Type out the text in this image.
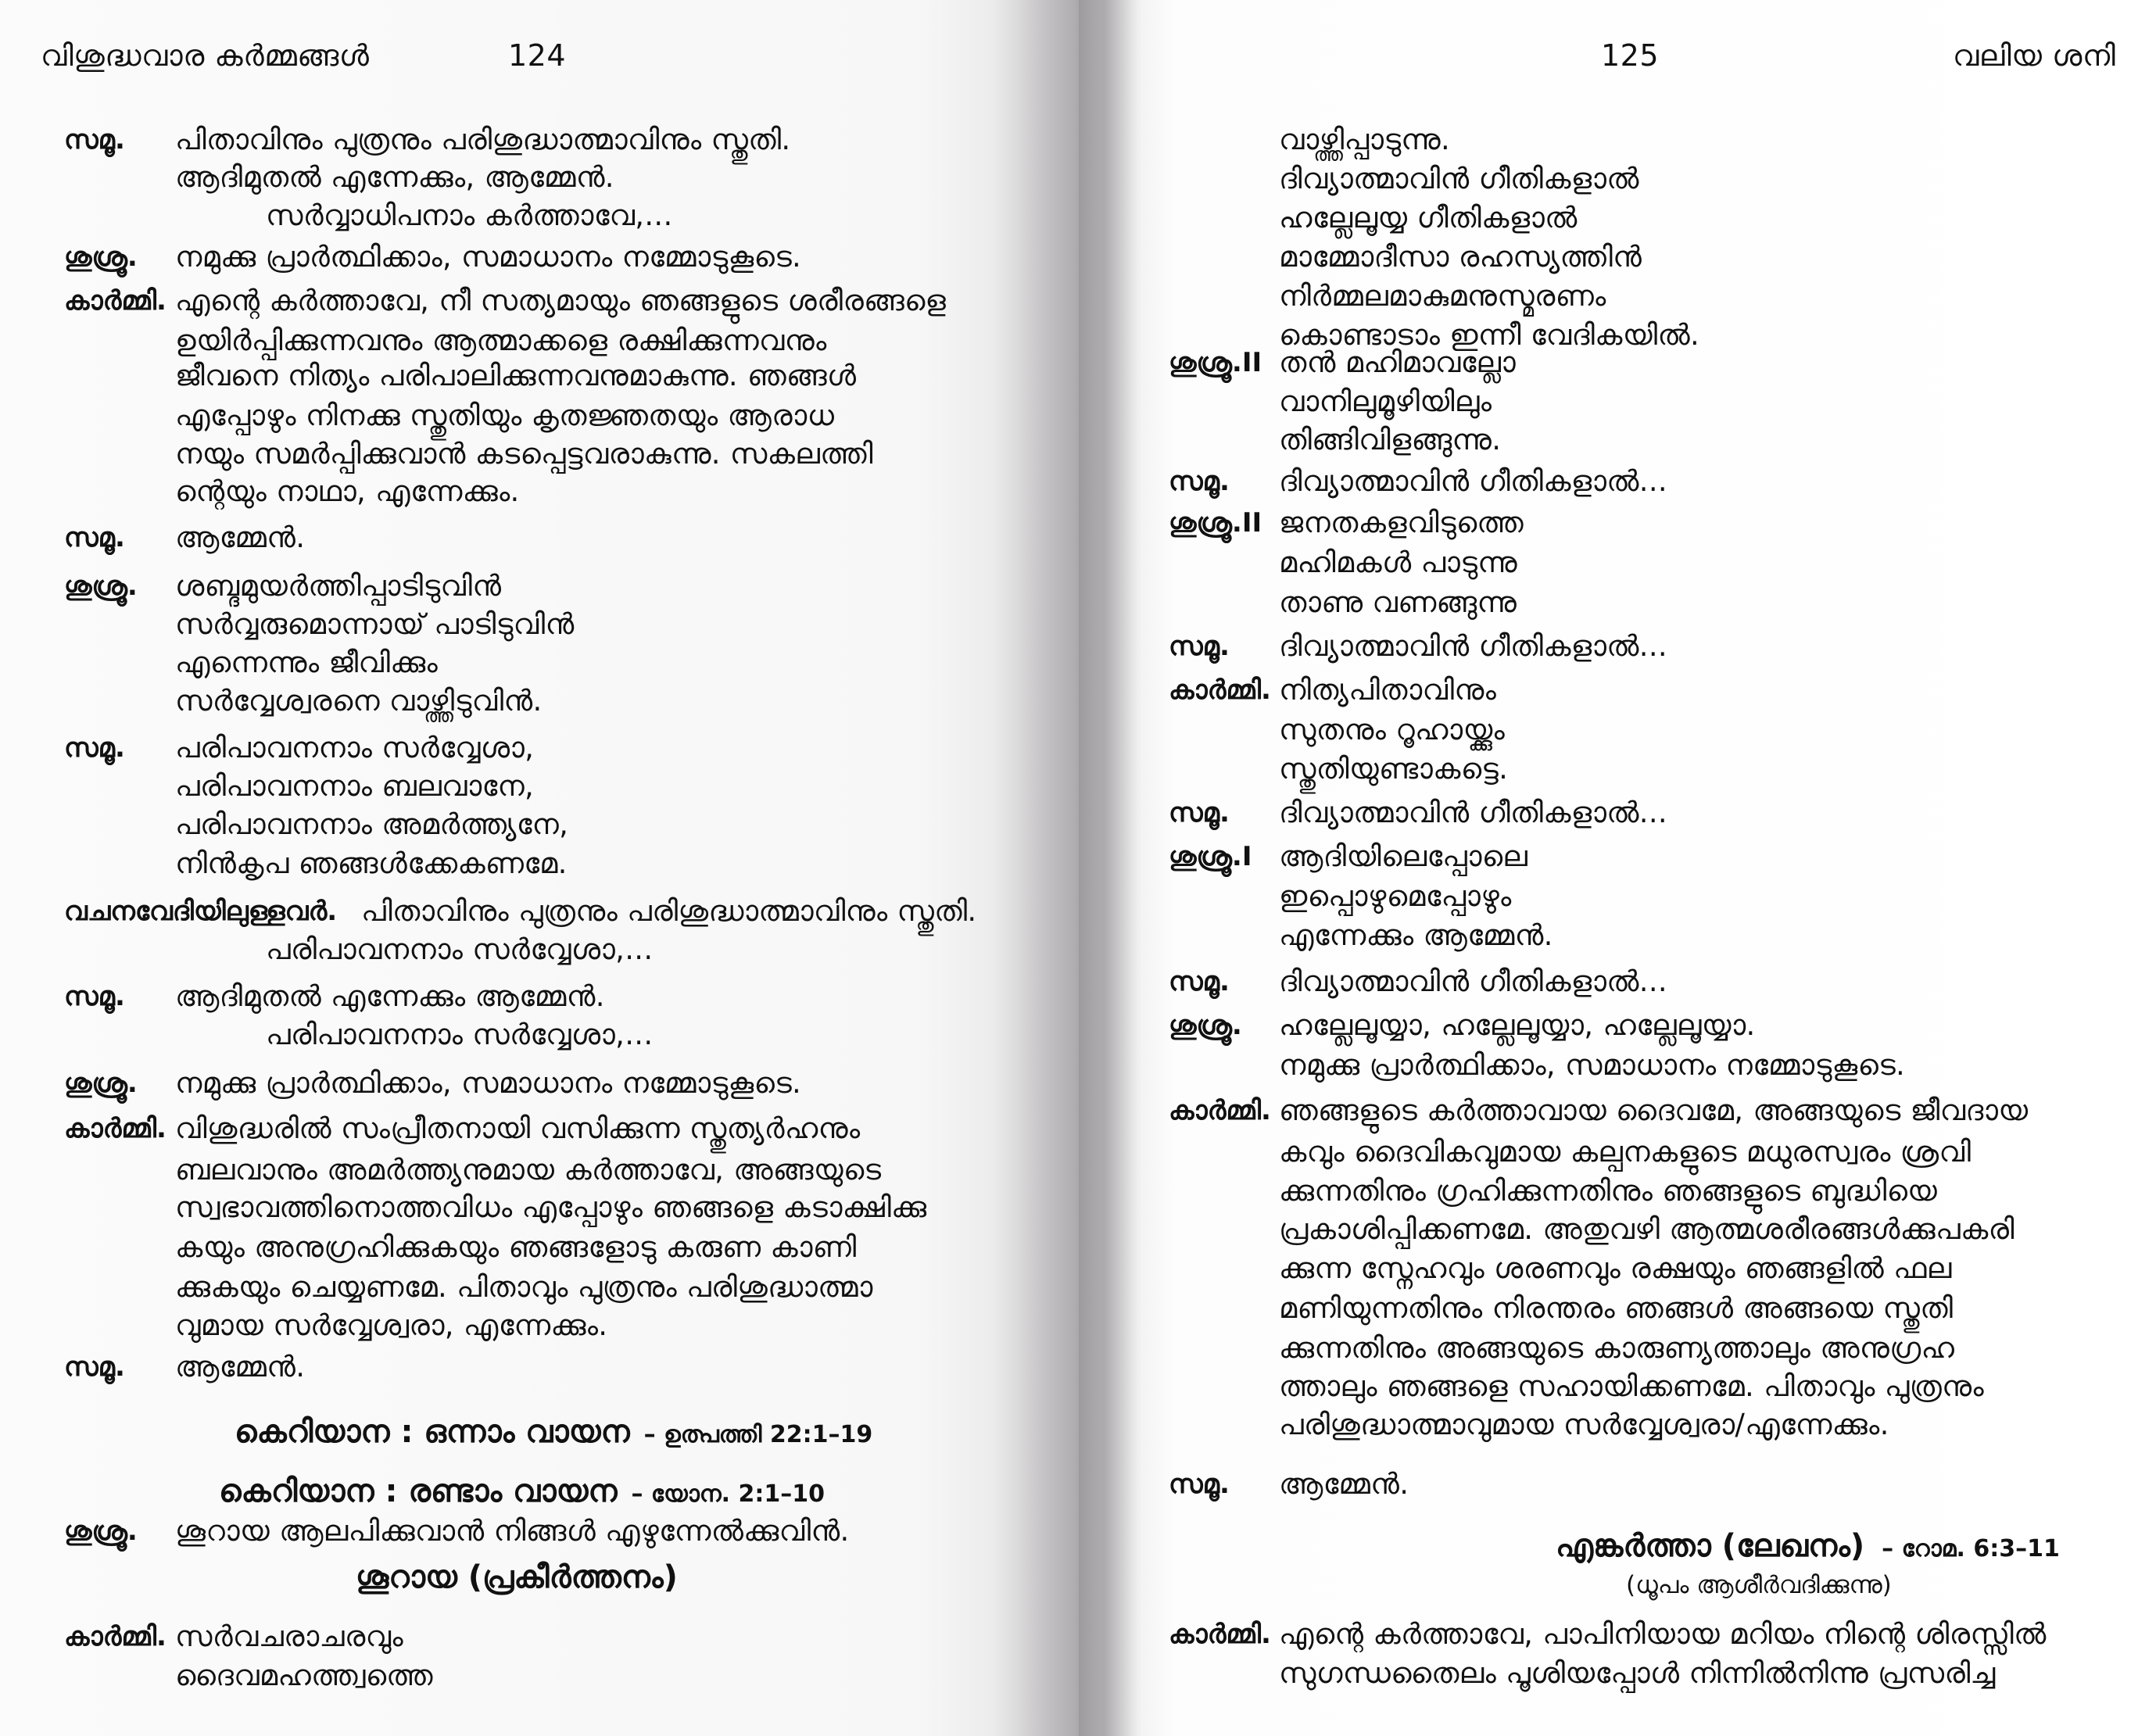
വിശുദ്ധവാര കർമ്മങ്ങൾ	124
സമൂ. പിതാവിനും പുത്രനും പരിശുദ്ധാത്മാവിനും സ്തുതി.
ആദിമുതൽ എന്നേക്കും, ആമ്മേൻ.
സർവ്വാധിപനാം കർത്താവേ,...
ശുശ്രൂ. നമുക്കു പ്രാർത്ഥിക്കാം, സമാധാനം നമ്മോടുകൂടെ.
കാർമ്മി. എന്റെ കർത്താവേ, നീ സത്യമായും ഞങ്ങളുടെ ശരീരങ്ങളെ
ഉയിർപ്പിക്കുന്നവനും ആത്മാക്കളെ രക്ഷിക്കുന്നവനും
ജീവനെ നിത്യം പരിപാലിക്കുന്നവനുമാകുന്നു. ഞങ്ങൾ
എപ്പോഴും നിനക്കു സ്തുതിയും കൃതജ്ഞതയും ആരാധ
നയും സമർപ്പിക്കുവാൻ കടപ്പെട്ടവരാകുന്നു. സകലത്തി
ന്റെയും നാഥാ, എന്നേക്കും.
സമൂ. ആമ്മേൻ.
ശുശ്രൂ. ശബ്ദമുയർത്തിപ്പാടിടുവിൻ
സർവ്വരുമൊന്നായ് പാടിടുവിൻ
എന്നെന്നും ജീവിക്കും
സർവ്വേശ്വരനെ വാഴ്ത്തിടുവിൻ.
സമൂ. പരിപാവനനാം സർവ്വേശാ,
പരിപാവനനാം ബലവാനേ,
പരിപാവനനാം അമർത്ത്യനേ,
നിൻകൃപ ഞങ്ങൾക്കേകണമേ.
വചനവേദിയിലുള്ളവർ. പിതാവിനും പുത്രനും പരിശുദ്ധാത്മാവിനും സ്തുതി.
പരിപാവനനാം സർവ്വേശാ,...
സമൂ. ആദിമുതൽ എന്നേക്കും ആമ്മേൻ.
പരിപാവനനാം സർവ്വേശാ,...
ശുശ്രൂ. നമുക്കു പ്രാർത്ഥിക്കാം, സമാധാനം നമ്മോടുകൂടെ.
കാർമ്മി. വിശുദ്ധരിൽ സംപ്രീതനായി വസിക്കുന്ന സ്തുത്യർഹനും
ബലവാനും അമർത്ത്യനുമായ കർത്താവേ, അങ്ങയുടെ
സ്വഭാവത്തിനൊത്തവിധം എപ്പോഴും ഞങ്ങളെ കടാക്ഷിക്കു
കയും അനുഗ്രഹിക്കുകയും ഞങ്ങളോടു കരുണ കാണി
ക്കുകയും ചെയ്യണമേ. പിതാവും പുത്രനും പരിശുദ്ധാത്മാ
വുമായ സർവ്വേശ്വരാ, എന്നേക്കും.
സമൂ. ആമ്മേൻ.
കെറിയാന : ഒന്നാം വായന – ഉത്പത്തി 22:1–19
കെറിയാന : രണ്ടാം വായന – യോന. 2:1–10
ശുശ്രൂ. ശൂറായ ആലപിക്കുവാൻ നിങ്ങൾ എഴുന്നേൽക്കുവിൻ.
ശൂറായ (പ്രകീർത്തനം)
കാർമ്മി. സർവചരാചരവും
ദൈവമഹത്ത്വത്തെ
125	വലിയ ശനി
വാഴ്ത്തിപ്പാടുന്നു.
ദിവ്യാത്മാവിൻ ഗീതികളാൽ
ഹല്ലേലൂയ്യ ഗീതികളാൽ
മാമ്മോദീസാ രഹസ്യത്തിൻ
നിർമ്മലമാകുമനുസ്മരണം
കൊണ്ടാടാം ഇന്നീ വേദികയിൽ.
ശുശ്രൂ.II തൻ മഹിമാവല്ലോ
വാനിലുമൂഴിയിലും
തിങ്ങിവിളങ്ങുന്നു.
സമൂ. ദിവ്യാത്മാവിൻ ഗീതികളാൽ...
ശുശ്രൂ.II ജനതകളവിടുത്തെ
മഹിമകൾ പാടുന്നു
താണു വണങ്ങുന്നു
സമൂ. ദിവ്യാത്മാവിൻ ഗീതികളാൽ...
കാർമ്മി. നിത്യപിതാവിനും
സുതനും റൂഹായ്ക്കും
സ്തുതിയുണ്ടാകട്ടെ.
സമൂ. ദിവ്യാത്മാവിൻ ഗീതികളാൽ...
ശുശ്രൂ.I ആദിയിലെപ്പോലെ
ഇപ്പൊഴുമെപ്പോഴും
എന്നേക്കും ആമ്മേൻ.
സമൂ. ദിവ്യാത്മാവിൻ ഗീതികളാൽ...
ശുശ്രൂ. ഹല്ലേലൂയ്യാ, ഹല്ലേലൂയ്യാ, ഹല്ലേലൂയ്യാ.
നമുക്കു പ്രാർത്ഥിക്കാം, സമാധാനം നമ്മോടുകൂടെ.
കാർമ്മി. ഞങ്ങളുടെ കർത്താവായ ദൈവമേ, അങ്ങയുടെ ജീവദായ
കവും ദൈവികവുമായ കല്പനകളുടെ മധുരസ്വരം ശ്രവി
ക്കുന്നതിനും ഗ്രഹിക്കുന്നതിനും ഞങ്ങളുടെ ബുദ്ധിയെ
പ്രകാശിപ്പിക്കണമേ. അതുവഴി ആത്മശരീരങ്ങൾക്കുപകരി
ക്കുന്ന സ്നേഹവും ശരണവും രക്ഷയും ഞങ്ങളിൽ ഫല
മണിയുന്നതിനും നിരന്തരം ഞങ്ങൾ അങ്ങയെ സ്തുതി
ക്കുന്നതിനും അങ്ങയുടെ കാരുണ്യത്താലും അനുഗ്രഹ
ത്താലും ഞങ്ങളെ സഹായിക്കണമേ. പിതാവും പുത്രനും
പരിശുദ്ധാത്മാവുമായ സർവ്വേശ്വരാ/എന്നേക്കും.
സമൂ. ആമ്മേൻ.
എങ്കർത്താ (ലേഖനം) – റോമ. 6:3–11
(ധൂപം ആശീർവദിക്കുന്നു)
കാർമ്മി. എന്റെ കർത്താവേ, പാപിനിയായ മറിയം നിന്റെ ശിരസ്സിൽ
സുഗന്ധതൈലം പൂശിയപ്പോൾ നിന്നിൽനിന്നു പ്രസരിച്ച
